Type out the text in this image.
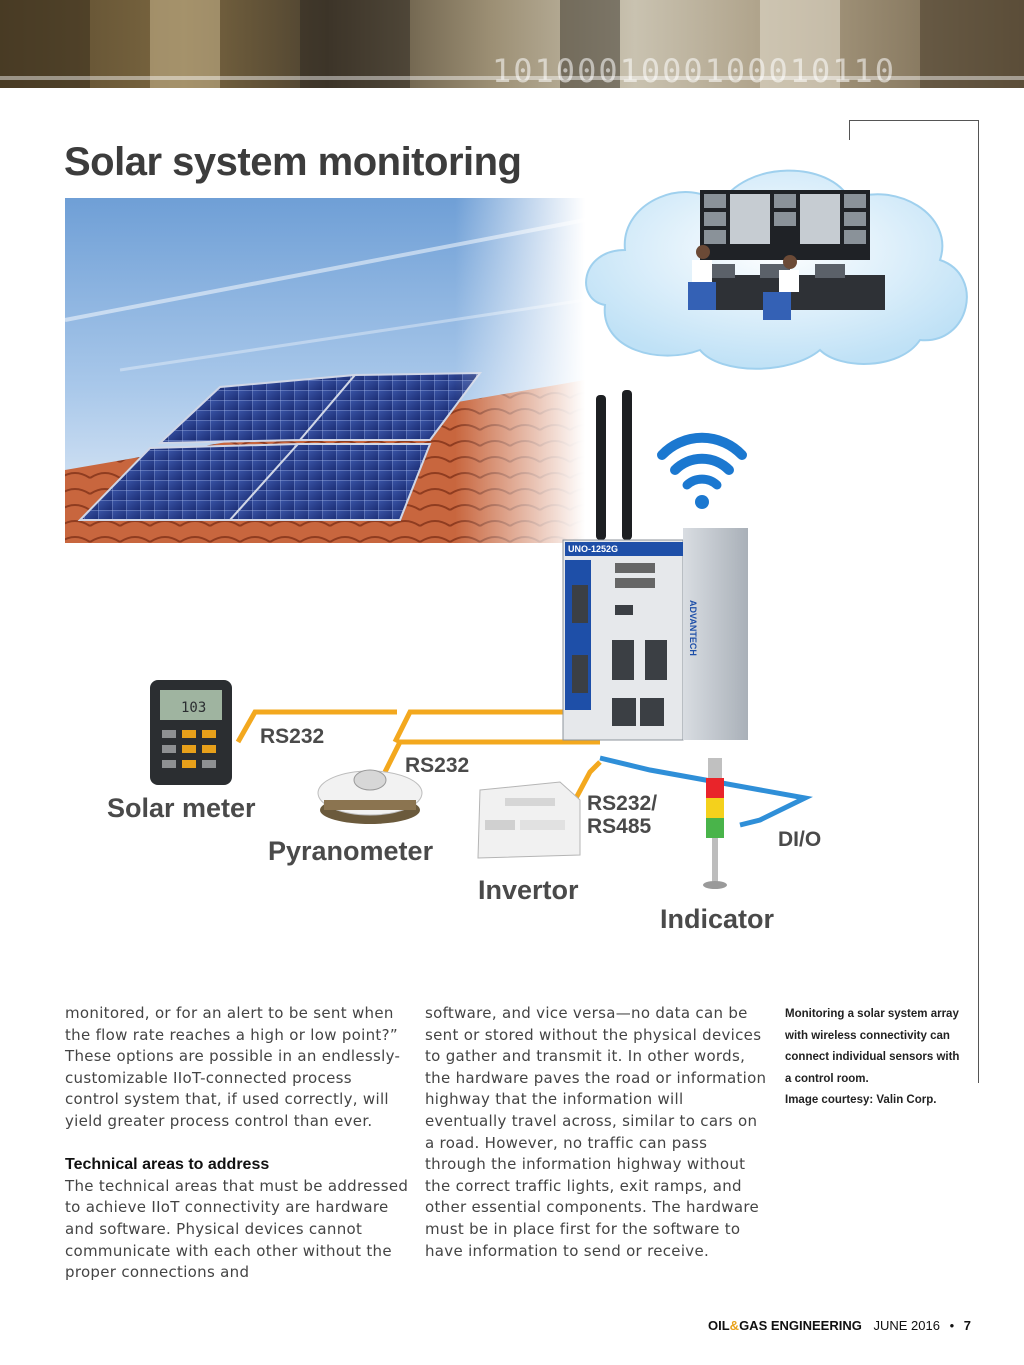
1010001000100010110
Solar system monitoring
UNO-1252G
ADVANTECH
103
RS232
RS232
RS232/
RS485
DI/O
Solar meter
Pyranometer
Invertor
Indicator

monitored, or for an alert to be sent when the flow rate reaches a high or low point?” These options are possible in an endlessly-customizable IIoT-connected process control system that, if used correctly, will yield greater process control than ever.

Technical areas to address

The technical areas that must be addressed to achieve IIoT connectivity are hardware and software. Physical devices cannot communicate with each other without the proper connections and

software, and vice versa—no data can be sent or stored without the physical devices to gather and transmit it. In other words, the hardware paves the road or information highway that the information will eventually travel across, similar to cars on a road. However, no traffic can pass through the information highway without the correct traffic lights, exit ramps, and other essential components. The hardware must be in place first for the software to have information to send or receive.

Monitoring a solar system array with wireless connectivity can connect individual sensors with a control room.

Image courtesy: Valin Corp.

OIL&GAS ENGINEERING JUNE 2016 • 7
